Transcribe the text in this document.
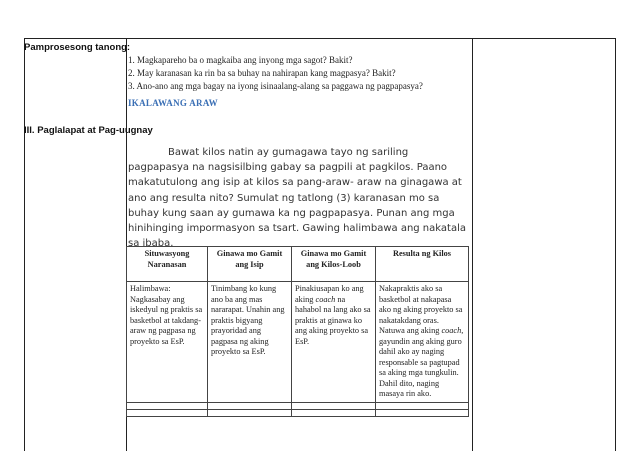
Pamprosesong tanong:
III. Paglalapat at Pag-uugnay
1. Magkapareho ba o magkaiba ang inyong mga sagot? Bakit?
2. May karanasan ka rin ba sa buhay na nahirapan kang magpasya? Bakit?
3. Ano-ano ang mga bagay na iyong isinaalang-alang sa paggawa ng pagpapasya?
IKALAWANG ARAW

Bawat kilos natin ay gumagawa tayo ng sariling pagpapasya na nagsisilbing gabay sa pagpili at pagkilos. Paano makatutulong ang isip at kilos sa pang-araw- araw na ginagawa at ano ang resulta nito? Sumulat ng tatlong (3) karanasan mo sa buhay kung saan ay gumawa ka ng pagpapasya. Punan ang mga hinihinging impormasyon sa tsart. Gawing halimbawa ang nakatala sa ibaba.

Situwasyong Naranasan	Ginawa mo Gamit ang Isip	Ginawa mo Gamit ang Kilos-Loob	Resulta ng Kilos
Halimbawa: Nagkasabay ang iskedyul ng praktis sa basketbol at takdang-araw ng pagpasa ng proyekto sa EsP.	Tinimbang ko kung ano ba ang mas nararapat. Unahin ang praktis bigyang prayoridad ang pagpasa ng aking proyekto sa EsP.	Pinakiusapan ko ang aking coach na hahabol na lang ako sa praktis at ginawa ko ang aking proyekto sa EsP.	Nakapraktis ako sa basketbol at nakapasa ako ng aking proyekto sa nakatakdang oras. Natuwa ang aking coach, gayundin ang aking guro dahil ako ay naging responsable sa pagtupad sa aking mga tungkulin. Dahil dito, naging masaya rin ako.
